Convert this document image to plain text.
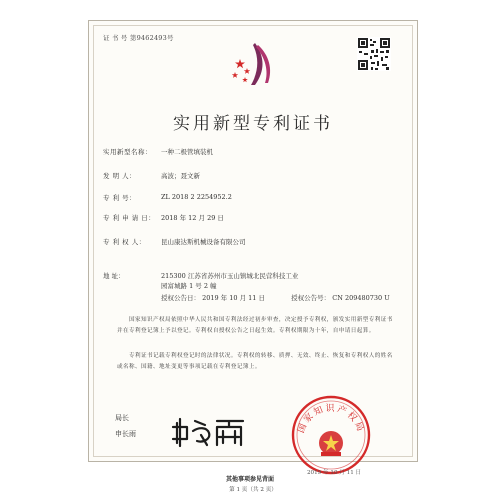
证 书 号 第9462493号
实用新型专利证书
实用新型名称：	一种二极管填装机
发 明 人：	高波；聂文新
专 利 号：	ZL 2018 2 2254952.2
专 利 申 请 日： 2018 年 12 月 29 日
专 利 权 人：	昆山康达斯机械设备有限公司
地 址：	215300 江苏省苏州市玉山镇城北民营科技工业园富城路 1 号 2 幢
授权公告日： 2019 年 10 月 11 日	授权公告号： CN 209480730 U
国家知识产权局依照中华人民共和国专利法经过初步审查，决定授予专利权，颁发实用新型专利证书并在专利登记簿上予以登记。专利权自授权公告之日起生效。专利权期限为十年，自申请日起算。
专利证书记载专利权登记时的法律状况。专利权的转移、质押、无效、终止、恢复和专利权人的姓名或名称、国籍、地址变更等事项记载在专利登记簿上。
局长
申长雨	国家知识产权局
2019 年 10 月 11 日
第 1 页（共 2 页）
其他事项参见背面
